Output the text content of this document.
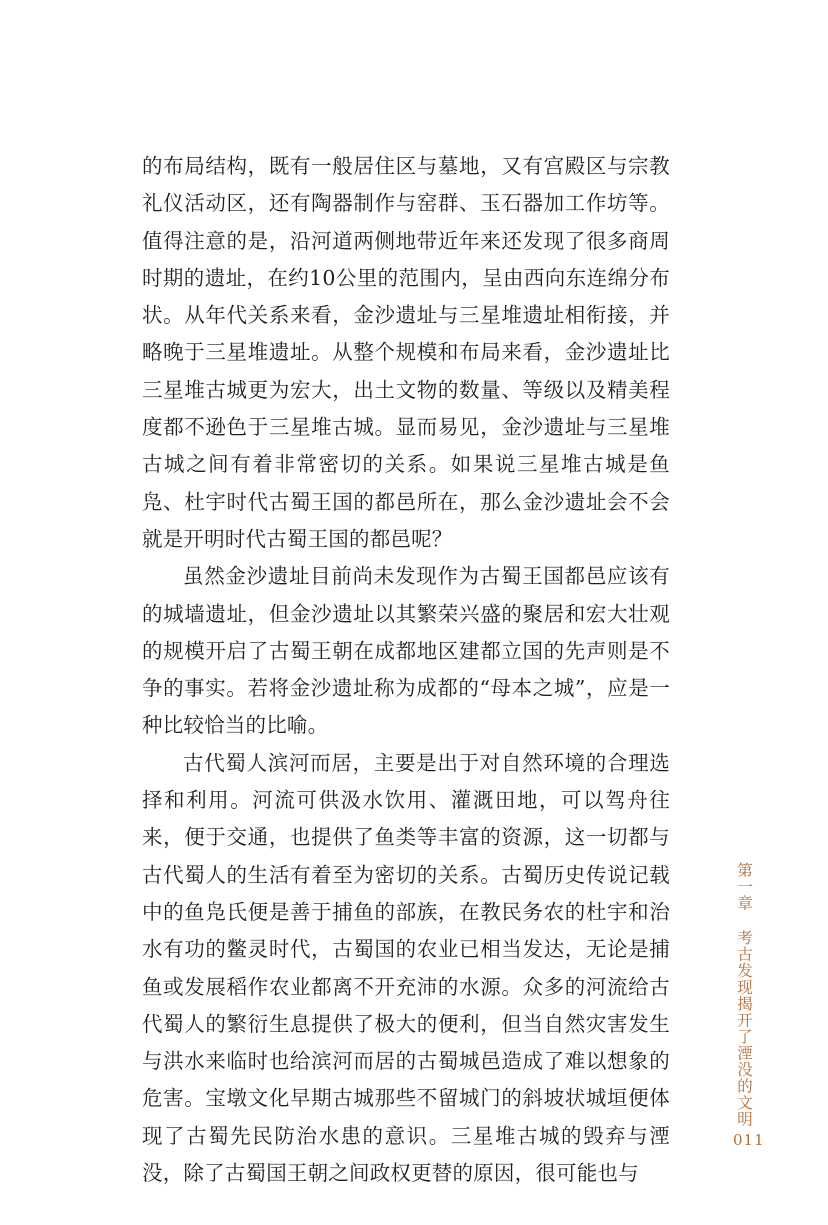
的布局结构，既有一般居住区与墓地，又有宫殿区与宗教礼仪活动区，还有陶器制作与窑群、玉石器加工作坊等。值得注意的是，沿河道两侧地带近年来还发现了很多商周时期的遗址，在约10公里的范围内，呈由西向东连绵分布状。从年代关系来看，金沙遗址与三星堆遗址相衔接，并略晚于三星堆遗址。从整个规模和布局来看，金沙遗址比三星堆古城更为宏大，出土文物的数量、等级以及精美程度都不逊色于三星堆古城。显而易见，金沙遗址与三星堆古城之间有着非常密切的关系。如果说三星堆古城是鱼凫、杜宇时代古蜀王国的都邑所在，那么金沙遗址会不会就是开明时代古蜀王国的都邑呢？

虽然金沙遗址目前尚未发现作为古蜀王国都邑应该有的城墙遗址，但金沙遗址以其繁荣兴盛的聚居和宏大壮观的规模开启了古蜀王朝在成都地区建都立国的先声则是不争的事实。若将金沙遗址称为成都的“母本之城”，应是一种比较恰当的比喻。

古代蜀人滨河而居，主要是出于对自然环境的合理选择和利用。河流可供汲水饮用、灌溉田地，可以驾舟往来，便于交通，也提供了鱼类等丰富的资源，这一切都与古代蜀人的生活有着至为密切的关系。古蜀历史传说记载中的鱼凫氏便是善于捕鱼的部族，在教民务农的杜宇和治水有功的鳖灵时代，古蜀国的农业已相当发达，无论是捕鱼或发展稻作农业都离不开充沛的水源。众多的河流给古代蜀人的繁衍生息提供了极大的便利，但当自然灾害发生与洪水来临时也给滨河而居的古蜀城邑造成了难以想象的危害。宝墩文化早期古城那些不留城门的斜坡状城垣便体现了古蜀先民防治水患的意识。三星堆古城的毁弃与湮没，除了古蜀国王朝之间政权更替的原因，很可能也与

第一章考古发现揭开了湮没的文明
011
